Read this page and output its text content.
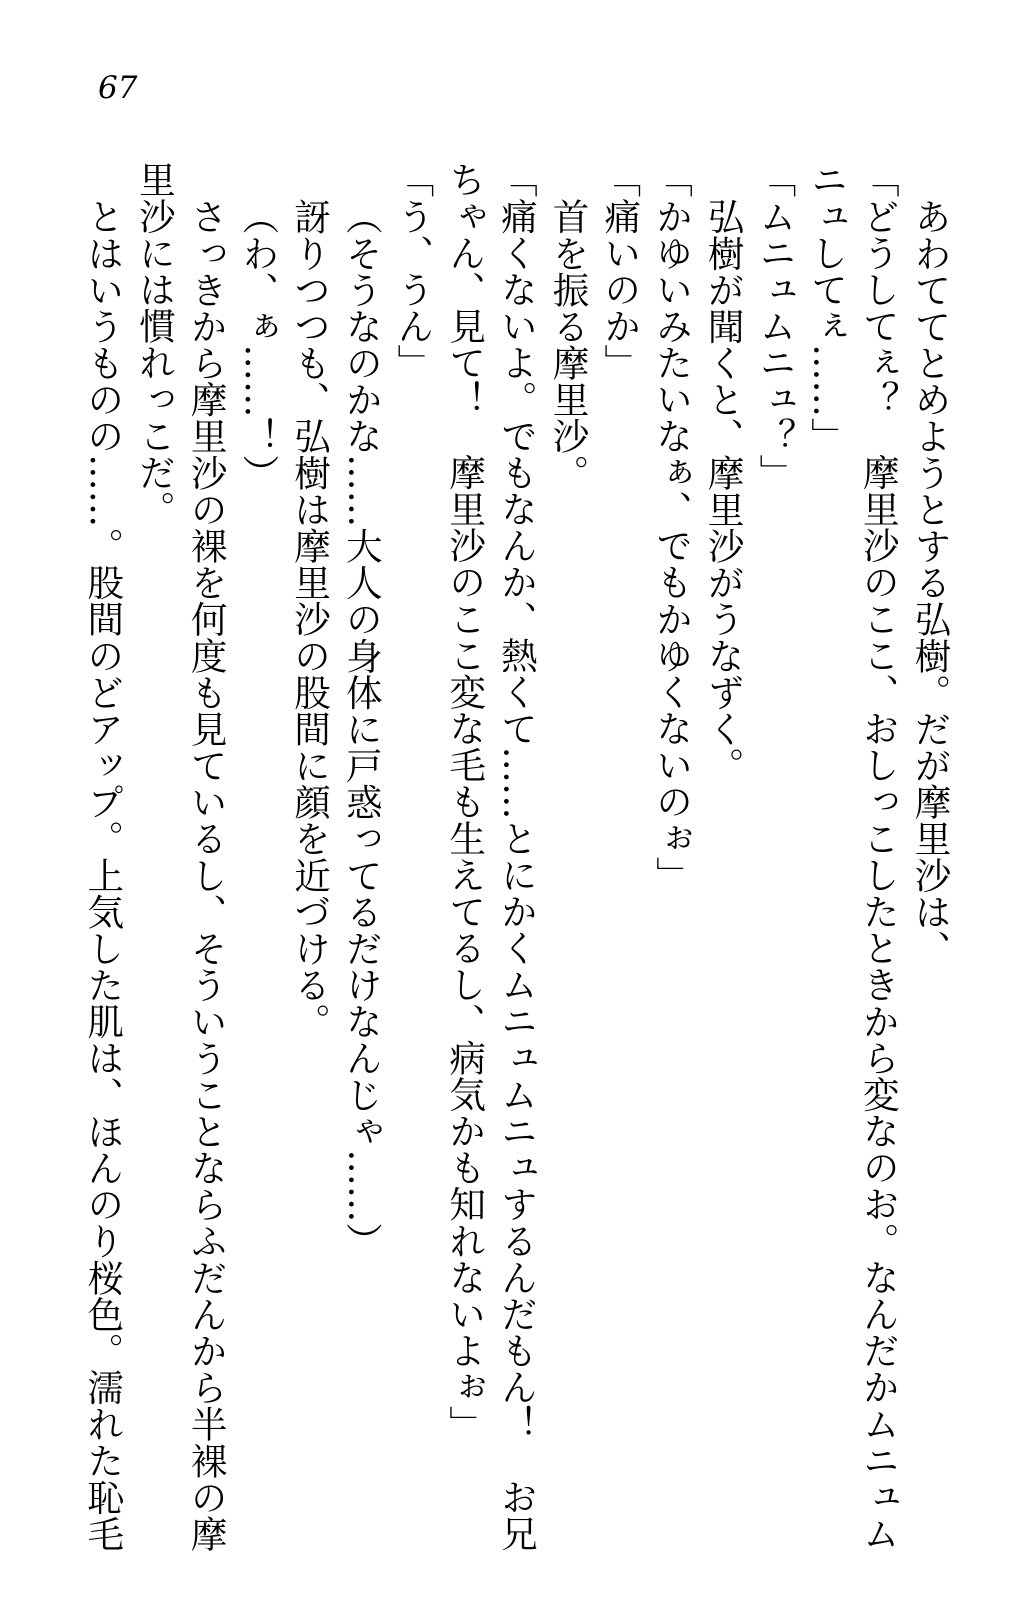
67

あわててとめようとする弘樹。だが摩里沙は、

「どうしてぇ？　摩里沙のここ、おしっこしたときから変なのお。なんだかムニュムニュしてぇ……」

「ムニュムニュ？」

弘樹が聞くと、摩里沙がうなずく。

「かゆいみたいなぁ、でもかゆくないのぉ」

「痛いのか」

首を振る摩里沙。

「痛くないよ。でもなんか、熱くて……とにかくムニュムニュするんだもん！　お兄ちゃん、見て！　摩里沙のここ変な毛も生えてるし、病気かも知れないよぉ」

「う、うん」

（そうなのかな……大人の身体に戸惑ってるだけなんじゃ……）

訝りつつも、弘樹は摩里沙の股間に顔を近づける。

（わ、ぁ……！）

さっきから摩里沙の裸を何度も見ているし、そういうことならふだんから半裸の摩里沙には慣れっこだ。

とはいうものの……。股間のどアップ。上気した肌は、ほんのり桜色。濡れた恥毛
